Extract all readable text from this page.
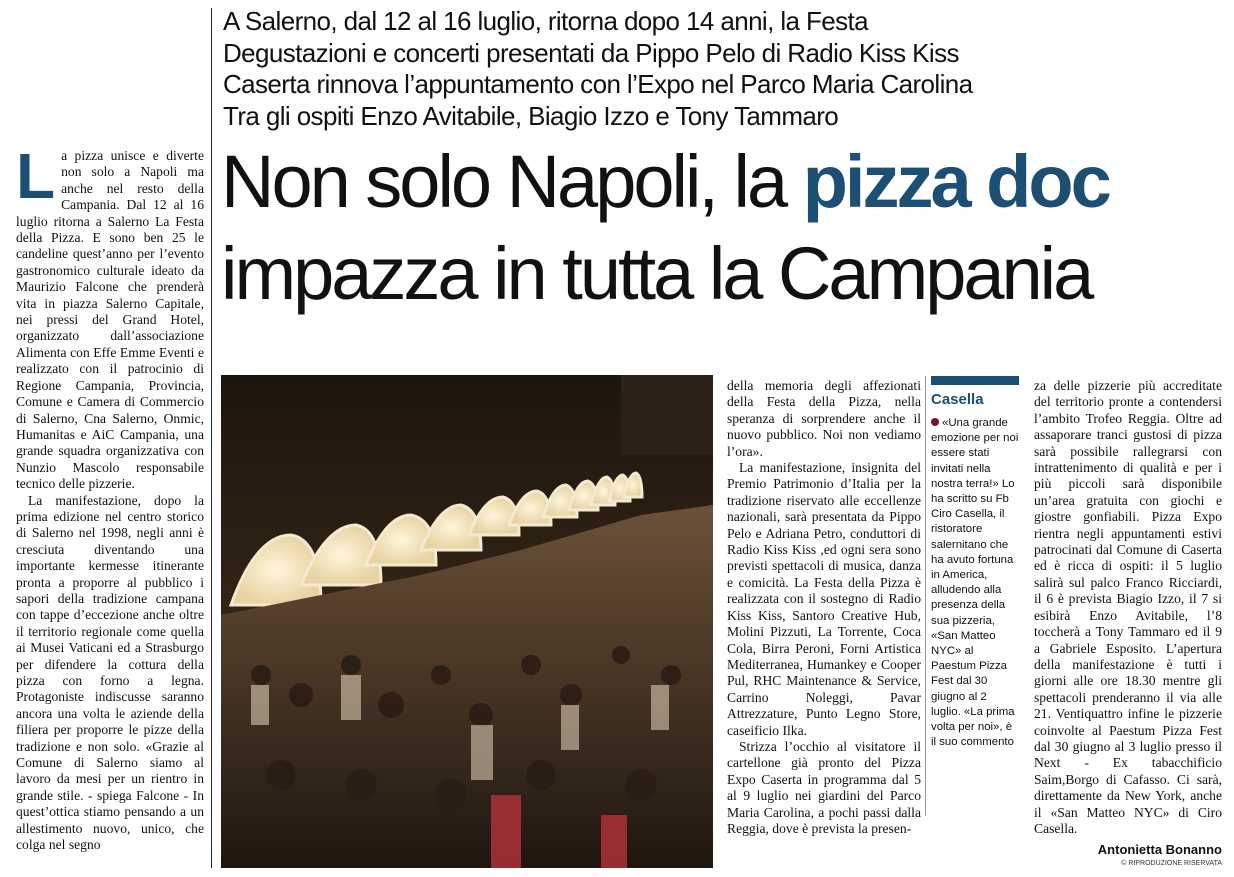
La pizza unisce e diverte non solo a Napoli ma anche nel resto della Campania. Dal 12 al 16 luglio ritorna a Salerno La Festa della Pizza. E sono ben 25 le candeline quest’anno per l’evento gastronomico culturale ideato da Maurizio Falcone che prenderà vita in piazza Salerno Capitale, nei pressi del Grand Hotel, organizzato dall’associazione Alimenta con Effe Emme Eventi e realizzato con il patrocinio di Regione Campania, Provincia, Comune e Camera di Commercio di Salerno, Cna Salerno, Onmic, Humanitas e AiC Campania, una grande squadra organizzativa con Nunzio Mascolo responsabile tecnico delle pizzerie.

La manifestazione, dopo la prima edizione nel centro storico di Salerno nel 1998, negli anni è cresciuta diventando una importante kermesse itinerante pronta a proporre al pubblico i sapori della tradizione campana con tappe d’eccezione anche oltre il territorio regionale come quella ai Musei Vaticani ed a Strasburgo per difendere la cottura della pizza con forno a legna. Protagoniste indiscusse saranno ancora una volta le aziende della filiera per proporre le pizze della tradizione e non solo. «Grazie al Comune di Salerno siamo al lavoro da mesi per un rientro in grande stile. - spiega Falcone - In quest’ottica stiamo pensando a un allestimento nuovo, unico, che colga nel segno

A Salerno, dal 12 al 16 luglio, ritorna dopo 14 anni, la Festa
Degustazioni e concerti presentati da Pippo Pelo di Radio Kiss Kiss
Caserta rinnova l’appuntamento con l’Expo nel Parco Maria Carolina
Tra gli ospiti Enzo Avitabile, Biagio Izzo e Tony Tammaro
Non solo Napoli, la pizza doc
impazza in tutta la Campania

della memoria degli affezionati della Festa della Pizza, nella speranza di sorprendere anche il nuovo pubblico. Noi non vediamo l’ora».

La manifestazione, insignita del Premio Patrimonio d’Italia per la tradizione riservato alle eccellenze nazionali, sarà presentata da Pippo Pelo e Adriana Petro, conduttori di Radio Kiss Kiss ,ed ogni sera sono previsti spettacoli di musica, danza e comicità. La Festa della Pizza è realizzata con il sostegno di Radio Kiss Kiss, Santoro Creative Hub, Molini Pizzuti, La Torrente, Coca Cola, Birra Peroni, Forni Artistica Mediterranea, Humankey e Cooper Pul, RHC Maintenance & Service, Carrino Noleggi, Pavar Attrezzature, Punto Legno Store, caseificio Ilka.

Strizza l’occhio al visitatore il cartellone già pronto del Pizza Expo Caserta in programma dal 5 al 9 luglio nei giardini del Parco Maria Carolina, a pochi passi dalla Reggia, dove è prevista la presen-

Casella
«Una grande emozione per noi essere stati invitati nella nostra terra!» Lo ha scritto su Fb Ciro Casella, il ristoratore salernitano che ha avuto fortuna in America, alludendo alla presenza della sua pizzeria, «San Matteo NYC» al Paestum Pizza Fest dal 30 giugno al 2 luglio. «La prima volta per noi», è il suo commento

za delle pizzerie più accreditate del territorio pronte a contendersi l’ambito Trofeo Reggia. Oltre ad assaporare tranci gustosi di pizza sarà possibile rallegrarsi con intrattenimento di qualità e per i più piccoli sarà disponibile un’area gratuita con giochi e giostre gonfiabili. Pizza Expo rientra negli appuntamenti estivi patrocinati dal Comune di Caserta ed è ricca di ospiti: il 5 luglio salirà sul palco Franco Ricciardi, il 6 è prevista Biagio Izzo, il 7 si esibirà Enzo Avitabile, l’8 toccherà a Tony Tammaro ed il 9 a Gabriele Esposito. L’apertura della manifestazione è tutti i giorni alle ore 18.30 mentre gli spettacoli prenderanno il via alle 21. Ventiquattro infine le pizzerie coinvolte al Paestum Pizza Fest dal 30 giugno al 3 luglio presso il Next - Ex tabacchificio Saim,Borgo di Cafasso. Ci sarà, direttamente da New York, anche il «San Matteo NYC» di Ciro Casella.

Antonietta Bonanno
© RIPRODUZIONE RISERVATA
